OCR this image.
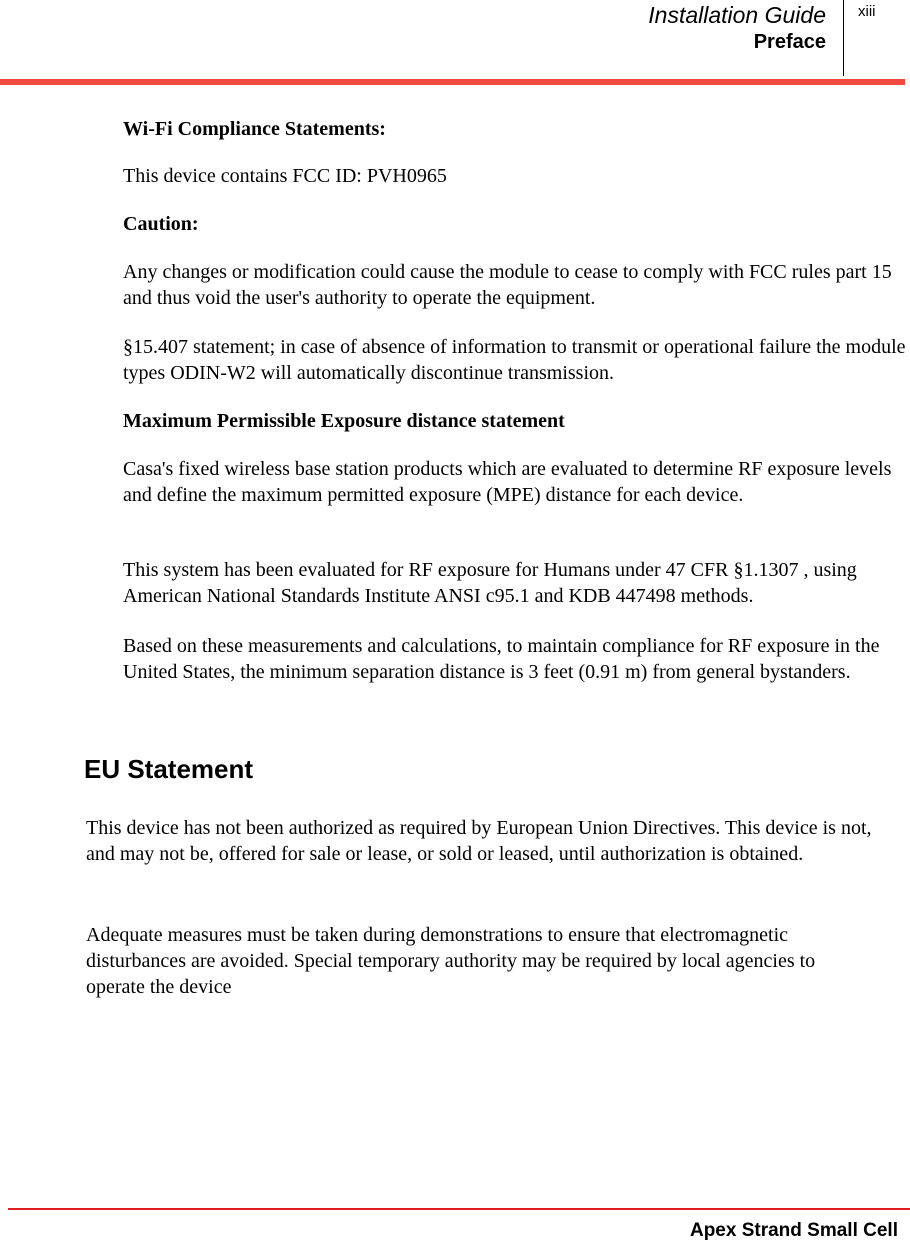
Installation Guide
Preface
xiii

Wi-Fi Compliance Statements:

This device contains FCC ID: PVH0965

Caution:

Any changes or modification could cause the module to cease to comply with FCC rules part 15 and thus void the user's authority to operate the equipment.

§15.407 statement; in case of absence of information to transmit or operational failure the module types ODIN-W2 will automatically discontinue transmission.

Maximum Permissible Exposure distance statement

Casa's fixed wireless base station products which are evaluated to determine RF exposure levels and define the maximum permitted exposure (MPE) distance for each device.

This system has been evaluated for RF exposure for Humans under 47 CFR §1.1307 , using American National Standards Institute ANSI c95.1 and KDB 447498 methods.

Based on these measurements and calculations, to maintain compliance for RF exposure in the United States, the minimum separation distance is 3 feet (0.91 m) from general bystanders.

EU Statement

This device has not been authorized as required by European Union Directives. This device is not, and may not be, offered for sale or lease, or sold or leased, until authorization is obtained.

Adequate measures must be taken during demonstrations to ensure that electromagnetic disturbances are avoided. Special temporary authority may be required by local agencies to operate the device

Apex Strand Small Cell
